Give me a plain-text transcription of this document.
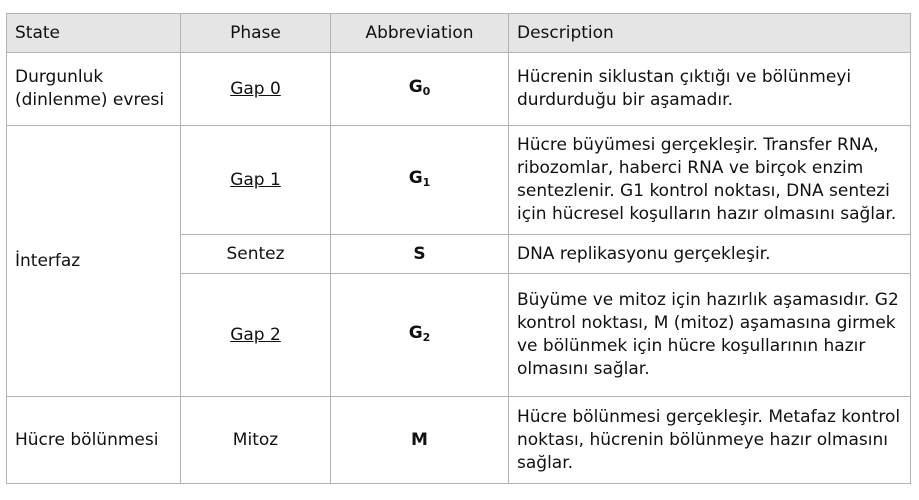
State	Phase	Abbreviation	Description
Durgunluk (dinlenme) evresi	Gap 0	$G_0$	Hücrenin siklustan çıktığı ve bölünmeyi durdurduğu bir aşamadır.
İnterfaz	Gap 1	$G_1$	Hücre büyümesi gerçekleşir. Transfer RNA, ribozomlar, haberci RNA ve birçok enzim sentezlenir. G1 kontrol noktası, DNA sentezi için hücresel koşulların hazır olmasını sağlar.
	Sentez	S	DNA replikasyonu gerçekleşir.
	Gap 2	$G_2$	Büyüme ve mitoz için hazırlık aşamasıdır. G2 kontrol noktası, M (mitoz) aşamasına girmek ve bölünmek için hücre koşullarının hazır olmasını sağlar.
Hücre bölünmesi	Mitoz	M	Hücre bölünmesi gerçekleşir. Metafaz kontrol noktası, hücrenin bölünmeye hazır olmasını sağlar.
